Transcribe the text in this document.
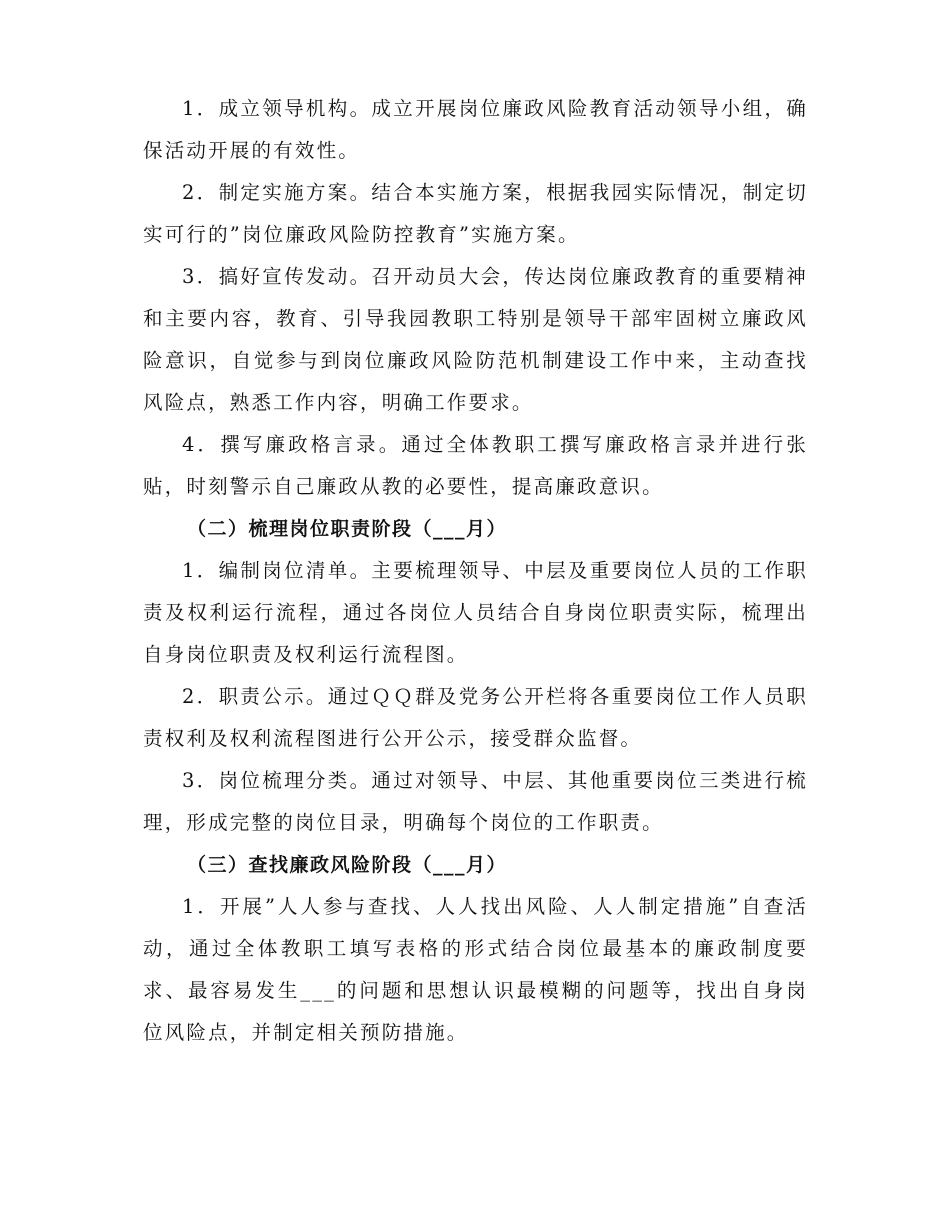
1．成立领导机构。成立开展岗位廉政风险教育活动领导小组，确保活动开展的有效性。

2．制定实施方案。结合本实施方案，根据我园实际情况，制定切实可行的”岗位廉政风险防控教育”实施方案。

3．搞好宣传发动。召开动员大会，传达岗位廉政教育的重要精神和主要内容，教育、引导我园教职工特别是领导干部牢固树立廉政风险意识，自觉参与到岗位廉政风险防范机制建设工作中来，主动查找风险点，熟悉工作内容，明确工作要求。

4．撰写廉政格言录。通过全体教职工撰写廉政格言录并进行张贴，时刻警示自己廉政从教的必要性，提高廉政意识。

（二）梳理岗位职责阶段（___月）

1．编制岗位清单。主要梳理领导、中层及重要岗位人员的工作职责及权利运行流程，通过各岗位人员结合自身岗位职责实际，梳理出自身岗位职责及权利运行流程图。

2．职责公示。通过ＱＱ群及党务公开栏将各重要岗位工作人员职责权利及权利流程图进行公开公示，接受群众监督。

3．岗位梳理分类。通过对领导、中层、其他重要岗位三类进行梳理，形成完整的岗位目录，明确每个岗位的工作职责。

（三）查找廉政风险阶段（___月）

1．开展”人人参与查找、人人找出风险、人人制定措施”自查活动，通过全体教职工填写表格的形式结合岗位最基本的廉政制度要求、最容易发生___的问题和思想认识最模糊的问题等，找出自身岗位风险点，并制定相关预防措施。
